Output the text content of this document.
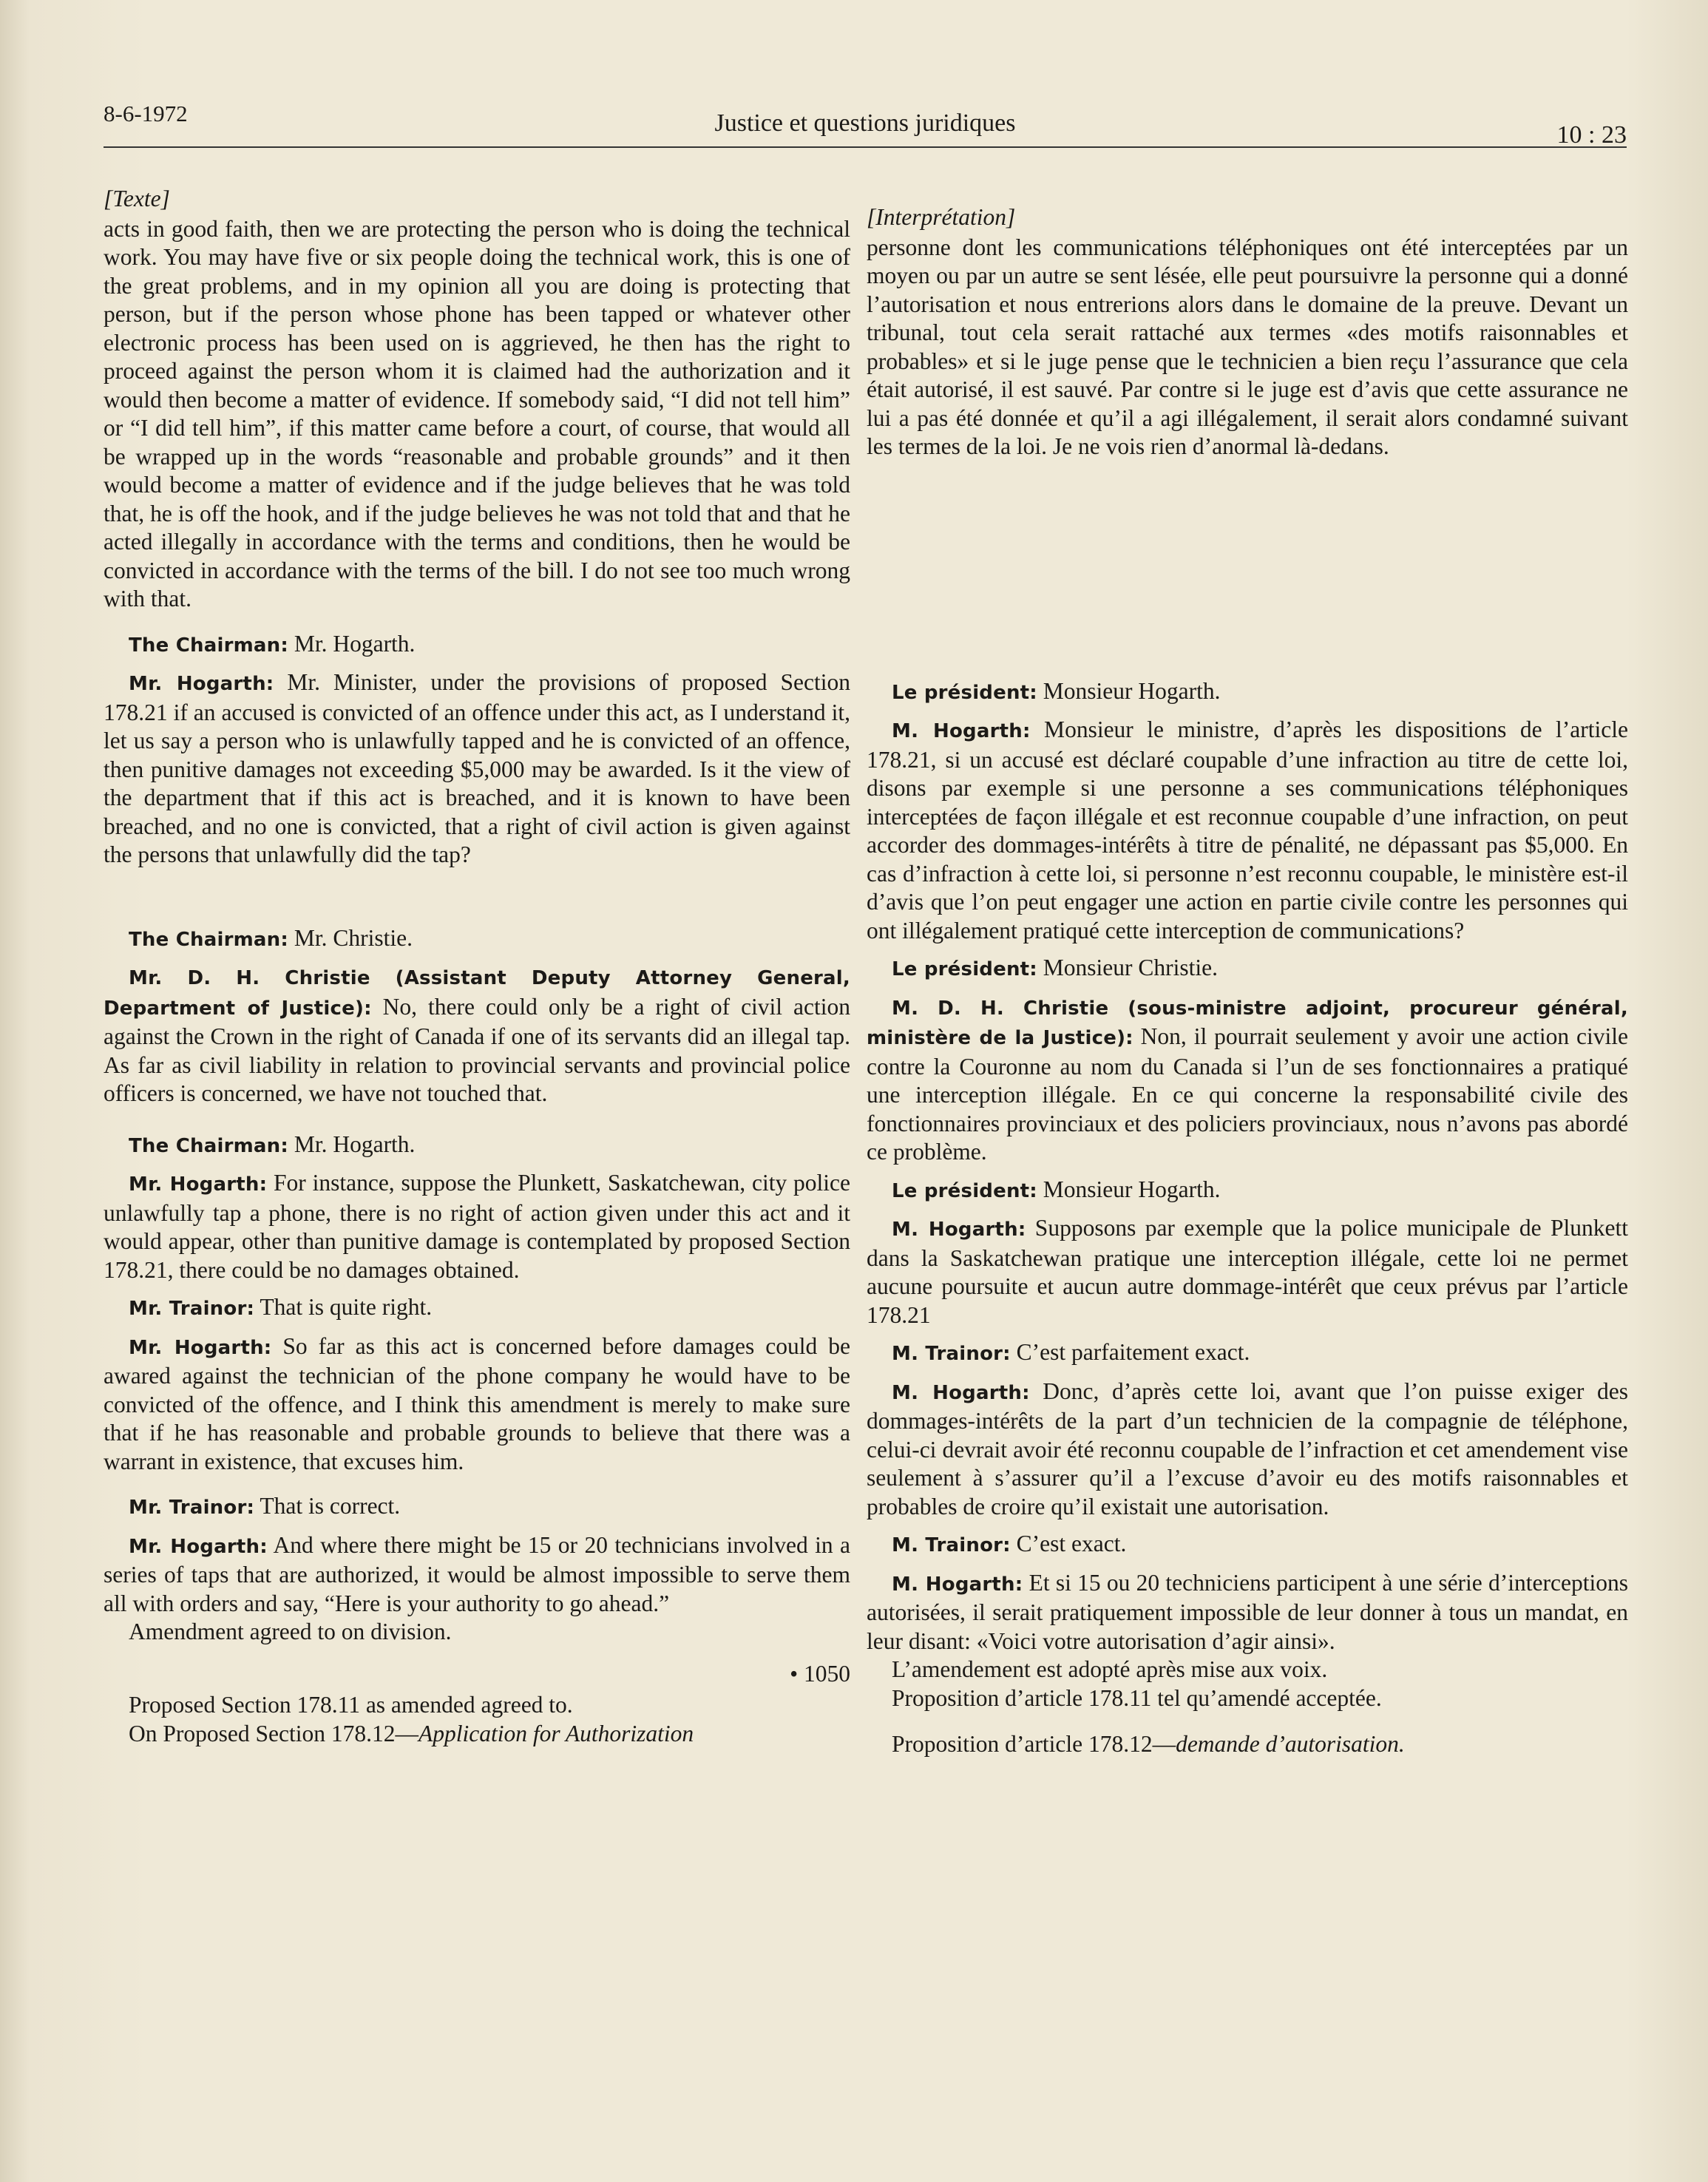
8-6-1972	Justice et questions juridiques	10 : 23
[Texte]

acts in good faith, then we are protecting the person who is doing the technical work. You may have five or six people doing the technical work, this is one of the great problems, and in my opinion all you are doing is protecting that person, but if the person whose phone has been tapped or whatever other electronic process has been used on is aggrieved, he then has the right to proceed against the person whom it is claimed had the authorization and it would then become a matter of evidence. If somebody said, “I did not tell him” or “I did tell him”, if this matter came before a court, of course, that would all be wrapped up in the words “reasonable and probable grounds” and it then would become a matter of evidence and if the judge believes that he was told that, he is off the hook, and if the judge believes he was not told that and that he acted illegally in accordance with the terms and conditions, then he would be convicted in accordance with the terms of the bill. I do not see too much wrong with that.

The Chairman: Mr. Hogarth.

Mr. Hogarth: Mr. Minister, under the provisions of proposed Section 178.21 if an accused is convicted of an offence under this act, as I understand it, let us say a person who is unlawfully tapped and he is convicted of an offence, then punitive damages not exceeding $5,000 may be awarded. Is it the view of the department that if this act is breached, and it is known to have been breached, and no one is convicted, that a right of civil action is given against the persons that unlawfully did the tap?

The Chairman: Mr. Christie.

Mr. D. H. Christie (Assistant Deputy Attorney General, Department of Justice): No, there could only be a right of civil action against the Crown in the right of Canada if one of its servants did an illegal tap. As far as civil liability in relation to provincial servants and provincial police officers is concerned, we have not touched that.

The Chairman: Mr. Hogarth.

Mr. Hogarth: For instance, suppose the Plunkett, Saskatchewan, city police unlawfully tap a phone, there is no right of action given under this act and it would appear, other than punitive damage is contemplated by proposed Section 178.21, there could be no damages obtained.

Mr. Trainor: That is quite right.

Mr. Hogarth: So far as this act is concerned before damages could be awared against the technician of the phone company he would have to be convicted of the offence, and I think this amendment is merely to make sure that if he has reasonable and probable grounds to believe that there was a warrant in existence, that excuses him.

Mr. Trainor: That is correct.

Mr. Hogarth: And where there might be 15 or 20 technicians involved in a series of taps that are authorized, it would be almost impossible to serve them all with orders and say, “Here is your authority to go ahead.”

Amendment agreed to on division.

• 1050

Proposed Section 178.11 as amended agreed to.

On Proposed Section 178.12—Application for Authorization

[Interprétation]

personne dont les communications téléphoniques ont été interceptées par un moyen ou par un autre se sent lésée, elle peut poursuivre la personne qui a donné l’autorisation et nous entrerions alors dans le domaine de la preuve. Devant un tribunal, tout cela serait rattaché aux termes «des motifs raisonnables et probables» et si le juge pense que le technicien a bien reçu l’assurance que cela était autorisé, il est sauvé. Par contre si le juge est d’avis que cette assurance ne lui a pas été donnée et qu’il a agi illégalement, il serait alors condamné suivant les termes de la loi. Je ne vois rien d’anormal là-dedans.

Le président: Monsieur Hogarth.

M. Hogarth: Monsieur le ministre, d’après les dispositions de l’article 178.21, si un accusé est déclaré coupable d’une infraction au titre de cette loi, disons par exemple si une personne a ses communications téléphoniques interceptées de façon illégale et est reconnue coupable d’une infraction, on peut accorder des dommages-intérêts à titre de pénalité, ne dépassant pas $5,000. En cas d’infraction à cette loi, si personne n’est reconnu coupable, le ministère est-il d’avis que l’on peut engager une action en partie civile contre les personnes qui ont illégalement pratiqué cette interception de communications?

Le président: Monsieur Christie.

M. D. H. Christie (sous-ministre adjoint, procureur général, ministère de la Justice): Non, il pourrait seulement y avoir une action civile contre la Couronne au nom du Canada si l’un de ses fonctionnaires a pratiqué une interception illégale. En ce qui concerne la responsabilité civile des fonctionnaires provinciaux et des policiers provinciaux, nous n’avons pas abordé ce problème.

Le président: Monsieur Hogarth.

M. Hogarth: Supposons par exemple que la police municipale de Plunkett dans la Saskatchewan pratique une interception illégale, cette loi ne permet aucune poursuite et aucun autre dommage-intérêt que ceux prévus par l’article 178.21

M. Trainor: C’est parfaitement exact.

M. Hogarth: Donc, d’après cette loi, avant que l’on puisse exiger des dommages-intérêts de la part d’un technicien de la compagnie de téléphone, celui-ci devrait avoir été reconnu coupable de l’infraction et cet amendement vise seulement à s’assurer qu’il a l’excuse d’avoir eu des motifs raisonnables et probables de croire qu’il existait une autorisation.

M. Trainor: C’est exact.

M. Hogarth: Et si 15 ou 20 techniciens participent à une série d’interceptions autorisées, il serait pratiquement impossible de leur donner à tous un mandat, en leur disant: «Voici votre autorisation d’agir ainsi».

L’amendement est adopté après mise aux voix.

Proposition d’article 178.11 tel qu’amendé acceptée.

Proposition d’article 178.12—demande d’autorisation.
